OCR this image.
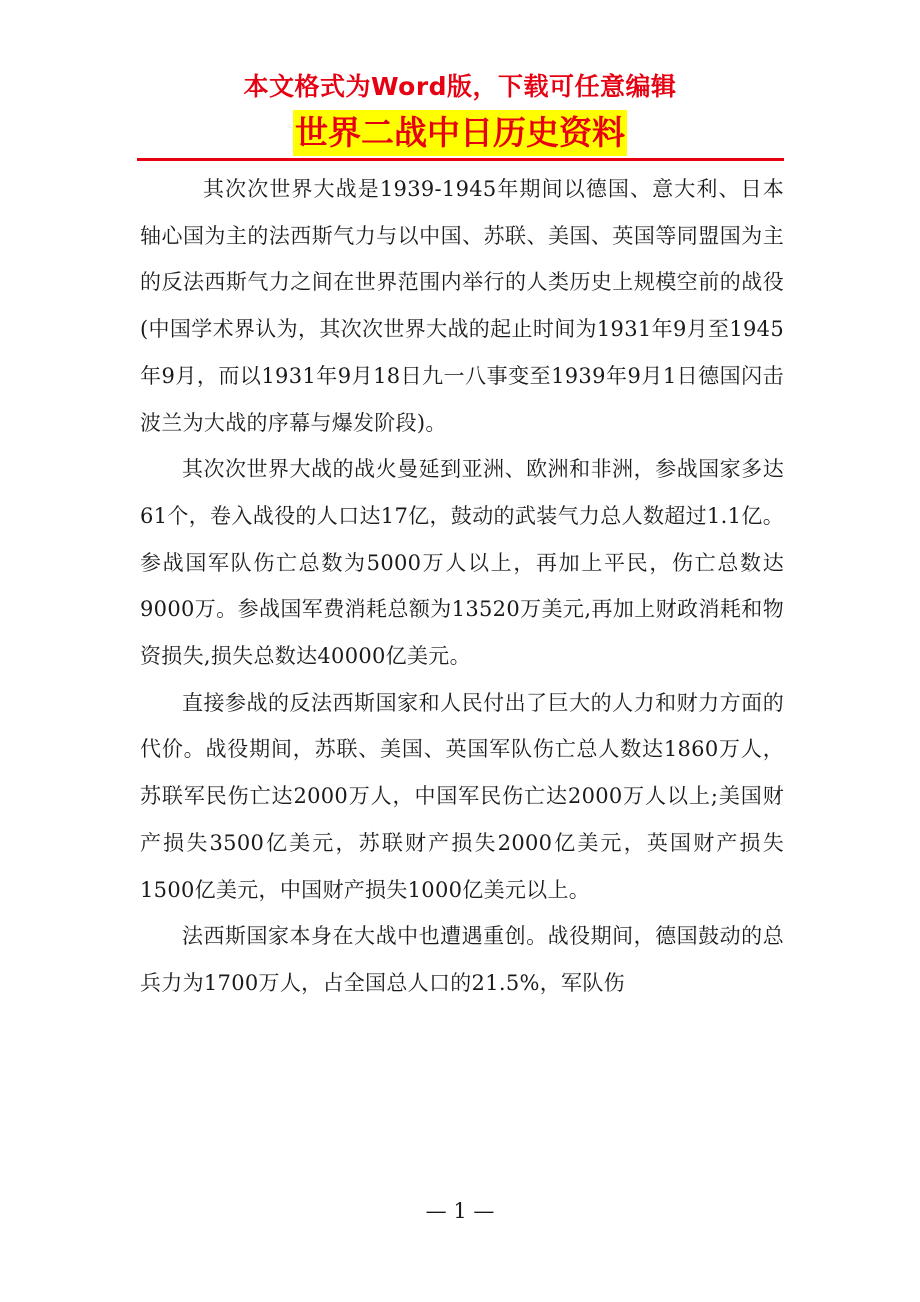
本文格式为Word版，下载可任意编辑
世界二战中日历史资料

其次次世界大战是1939-1945年期间以德国、意大利、日本轴心国为主的法西斯气力与以中国、苏联、美国、英国等同盟国为主的反法西斯气力之间在世界范围内举行的人类历史上规模空前的战役(中国学术界认为，其次次世界大战的起止时间为1931年9月至1945年9月，而以1931年9月18日九一八事变至1939年9月1日德国闪击波兰为大战的序幕与爆发阶段)。

其次次世界大战的战火曼延到亚洲、欧洲和非洲，参战国家多达61个，卷入战役的人口达17亿，鼓动的武装气力总人数超过1.1亿。参战国军队伤亡总数为5000万人以上，再加上平民，伤亡总数达9000万。参战国军费消耗总额为13520万美元,再加上财政消耗和物资损失,损失总数达40000亿美元。

直接参战的反法西斯国家和人民付出了巨大的人力和财力方面的代价。战役期间，苏联、美国、英国军队伤亡总人数达1860万人，苏联军民伤亡达2000万人，中国军民伤亡达2000万人以上;美国财产损失3500亿美元，苏联财产损失2000亿美元，英国财产损失1500亿美元，中国财产损失1000亿美元以上。

法西斯国家本身在大战中也遭遇重创。战役期间，德国鼓动的总兵力为1700万人，占全国总人口的21.5%，军队伤

— 1 —
